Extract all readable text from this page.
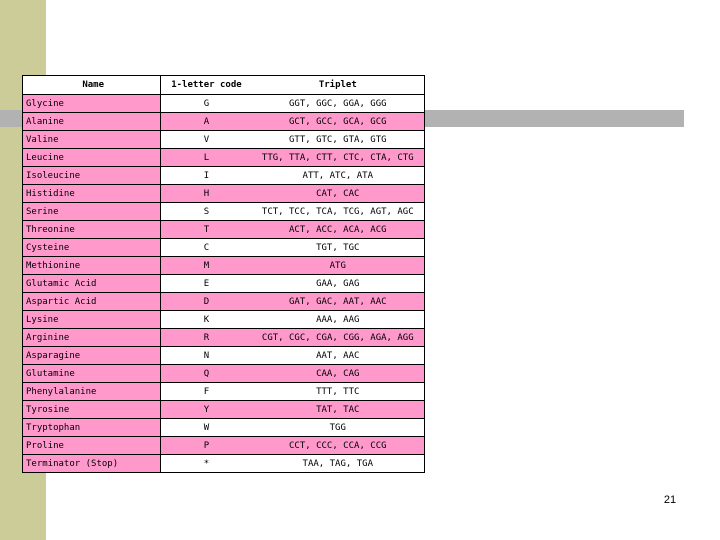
Name	1-letter code	Triplet
Glycine	G	GGT, GGC, GGA, GGG
Alanine	A	GCT, GCC, GCA, GCG
Valine	V	GTT, GTC, GTA, GTG
Leucine	L	TTG, TTA, CTT, CTC, CTA, CTG
Isoleucine	I	ATT, ATC, ATA
Histidine	H	CAT, CAC
Serine	S	TCT, TCC, TCA, TCG, AGT, AGC
Threonine	T	ACT, ACC, ACA, ACG
Cysteine	C	TGT, TGC
Methionine	M	ATG
Glutamic Acid	E	GAA, GAG
Aspartic Acid	D	GAT, GAC, AAT, AAC
Lysine	K	AAA, AAG
Arginine	R	CGT, CGC, CGA, CGG, AGA, AGG
Asparagine	N	AAT, AAC
Glutamine	Q	CAA, CAG
Phenylalanine	F	TTT, TTC
Tyrosine	Y	TAT, TAC
Tryptophan	W	TGG
Proline	P	CCT, CCC, CCA, CCG
Terminator (Stop)	*	TAA, TAG, TGA
21
